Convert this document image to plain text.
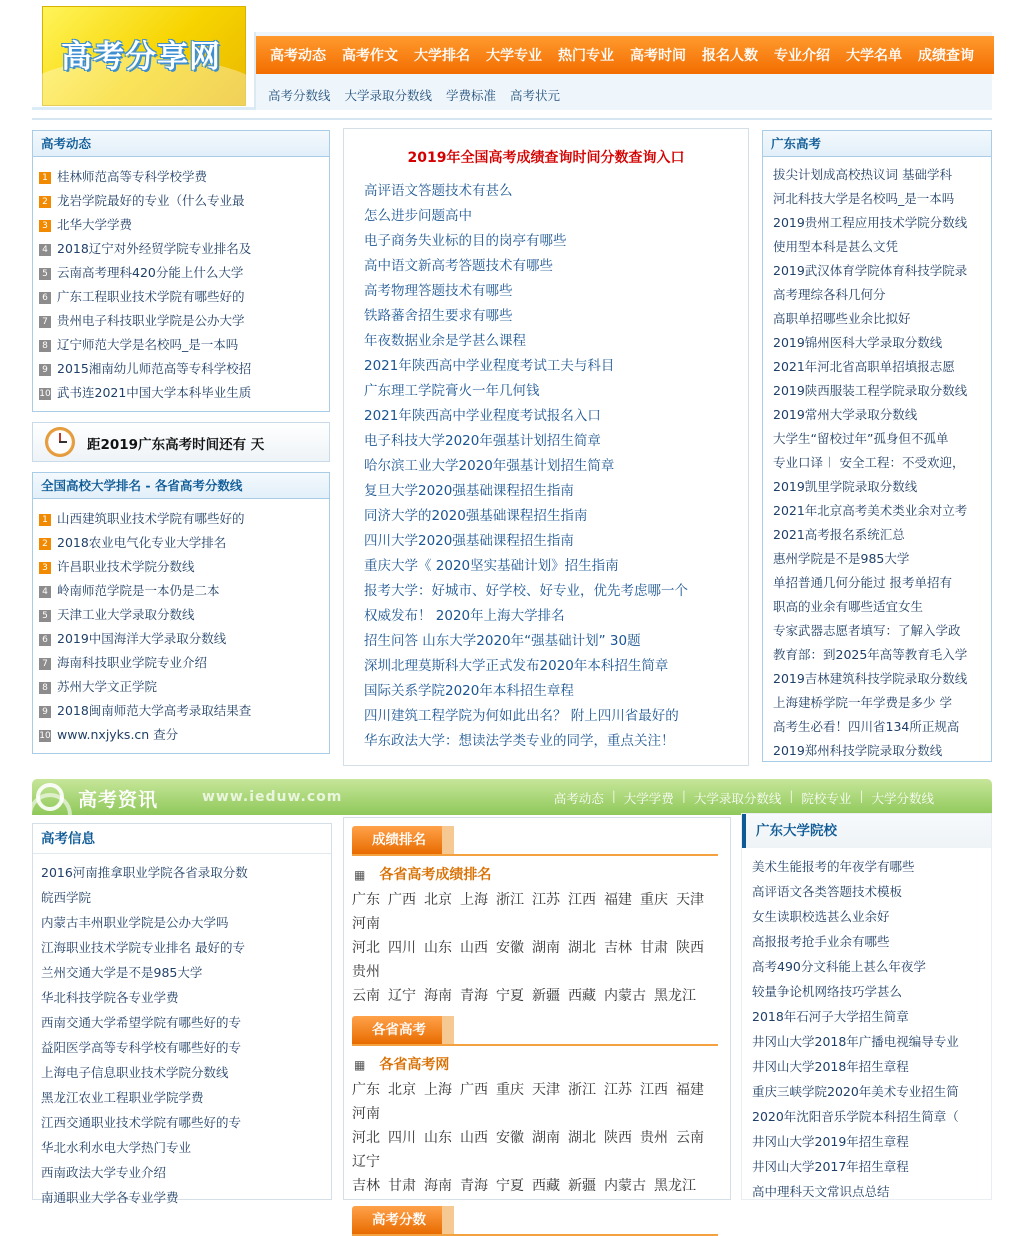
高考分享网	高考动态 高考作文 大学排名 大学专业 热门专业 高考时间 报名人数 专业介绍 大学名单 成绩查询
高考分数线 大学录取分数线 学费标准 高考状元
高考动态
1 桂林师范高等专科学校学费
2 龙岩学院最好的专业（什么专业最
3 北华大学学费
4 2018辽宁对外经贸学院专业排名及
5 云南高考理科420分能上什么大学
6 广东工程职业技术学院有哪些好的
7 贵州电子科技职业学院是公办大学
8 辽宁师范大学是名校吗_是一本吗
9 2015湘南幼儿师范高等专科学校招
10 武书连2021中国大学本科毕业生质
距2019广东高考时间还有 天
全国高校大学排名 - 各省高考分数线
1 山西建筑职业技术学院有哪些好的
2 2018农业电气化专业大学排名
3 许昌职业技术学院分数线
4 岭南师范学院是一本仍是二本
5 天津工业大学录取分数线
6 2019中国海洋大学录取分数线
7 海南科技职业学院专业介绍
8 苏州大学文正学院
9 2018闽南师范大学高考录取结果查
10 www.nxjyks.cn 查分
2019年全国高考成绩查询时间分数查询入口
高评语文答题技术有甚么
怎么进步问题高中
电子商务失业标的目的岗亭有哪些
高中语文新高考答题技术有哪些
高考物理答题技术有哪些
铁路蕃舍招生要求有哪些
年夜数据业余是学甚么课程
2021年陕西高中学业程度考试工夫与科目
广东理工学院膏火一年几何钱
2021年陕西高中学业程度考试报名入口
电子科技大学2020年强基计划招生简章
哈尔滨工业大学2020年强基计划招生简章
复旦大学2020强基础课程招生指南
同济大学的2020强基础课程招生指南
四川大学2020强基础课程招生指南
重庆大学《 2020坚实基础计划》招生指南
报考大学：好城市、好学校、好专业，优先考虑哪一个
权威发布！ 2020年上海大学排名
招生问答 山东大学2020年“强基础计划” 30题
深圳北理莫斯科大学正式发布2020年本科招生简章
国际关系学院2020年本科招生章程
四川建筑工程学院为何如此出名？ 附上四川省最好的
华东政法大学：想读法学类专业的同学，重点关注！
广东高考
拔尖计划成高校热议词 基础学科
河北科技大学是名校吗_是一本吗
2019贵州工程应用技术学院分数线
使用型本科是甚么文凭
2019武汉体育学院体育科技学院录
高考理综各科几何分
高职单招哪些业余比拟好
2019锦州医科大学录取分数线
2021年河北省高职单招填报志愿
2019陕西服装工程学院录取分数线
2019常州大学录取分数线
大学生“留校过年”孤身但不孤单
专业口译︱ 安全工程：不受欢迎，
2019凯里学院录取分数线
2021年北京高考美术类业余对立考
2021高考报名系统汇总
惠州学院是不是985大学
单招普通几何分能过 报考单招有
职高的业余有哪些适宜女生
专家武器志愿者填写：了解入学政
教育部：到2025年高等教育毛入学
2019吉林建筑科技学院录取分数线
上海建桥学院一年学费是多少 学
高考生必看！四川省134所正规高
2019郑州科技学院录取分数线
高考资讯	www.ieduw.com	高考动态 | 大学学费 | 大学录取分数线 | 院校专业 | 大学分数线
高考信息
2016河南推拿职业学院各省录取分数
皖西学院
内蒙古丰州职业学院是公办大学吗
江海职业技术学院专业排名 最好的专
兰州交通大学是不是985大学
华北科技学院各专业学费
西南交通大学希望学院有哪些好的专
益阳医学高等专科学校有哪些好的专
上海电子信息职业技术学院分数线
黑龙江农业工程职业学院学费
江西交通职业技术学院有哪些好的专
华北水利水电大学热门专业
西南政法大学专业介绍
南通职业大学各专业学费
成绩排名
▦ 各省高考成绩排名
广东 广西 北京 上海 浙江 江苏 江西 福建 重庆 天津河南
河北 四川 山东 山西 安徽 湖南 湖北 吉林 甘肃 陕西贵州
云南 辽宁 海南 青海 宁夏 新疆 西藏 内蒙古 黑龙江
各省高考
▦ 各省高考网
广东 北京 上海 广西 重庆 天津 浙江 江苏 江西 福建河南
河北 四川 山东 山西 安徽 湖南 湖北 陕西 贵州 云南辽宁
吉林 甘肃 海南 青海 宁夏 西藏 新疆 内蒙古 黑龙江
高考分数
广东大学院校
美术生能报考的年夜学有哪些
高评语文各类答题技术模板
女生读职校选甚么业余好
高报报考抢手业余有哪些
高考490分文科能上甚么年夜学
较量争论机网络技巧学甚么
2018年石河子大学招生简章
井冈山大学2018年广播电视编导专业
井冈山大学2018年招生章程
重庆三峡学院2020年美术专业招生简
2020年沈阳音乐学院本科招生简章（
井冈山大学2019年招生章程
井冈山大学2017年招生章程
高中理科天文常识点总结
